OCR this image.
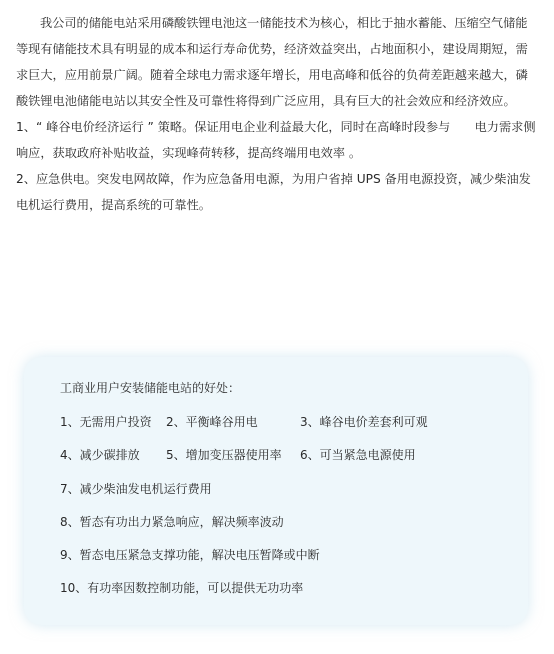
我公司的储能电站采用磷酸铁锂电池这一储能技术为核心，相比于抽水蓄能、压缩空气储能等现有储能技术具有明显的成本和运行寿命优势，经济效益突出，占地面积小，建设周期短，需求巨大，应用前景广阔。随着全球电力需求逐年增长，用电高峰和低谷的负荷差距越来越大，磷酸铁锂电池储能电站以其安全性及可靠性将得到广泛应用，具有巨大的社会效应和经济效应。

1、“ 峰谷电价经济运行 ” 策略。保证用电企业利益最大化，同时在高峰时段参与　　电力需求侧响应，获取政府补贴收益，实现峰荷转移，提高终端用电效率 。

2、应急供电。突发电网故障，作为应急备用电源，为用户省掉 UPS 备用电源投资，减少柴油发电机运行费用，提高系统的可靠性。

工商业用户安装储能电站的好处：
1、无需用户投资 2、平衡峰谷用电	3、峰谷电价差套利可观
4、减少碳排放 5、增加变压器使用率 6、可当紧急电源使用
7、减少柴油发电机运行费用
8、暂态有功出力紧急响应，解决频率波动
9、暂态电压紧急支撑功能，解决电压暂降或中断
10、有功率因数控制功能，可以提供无功功率
